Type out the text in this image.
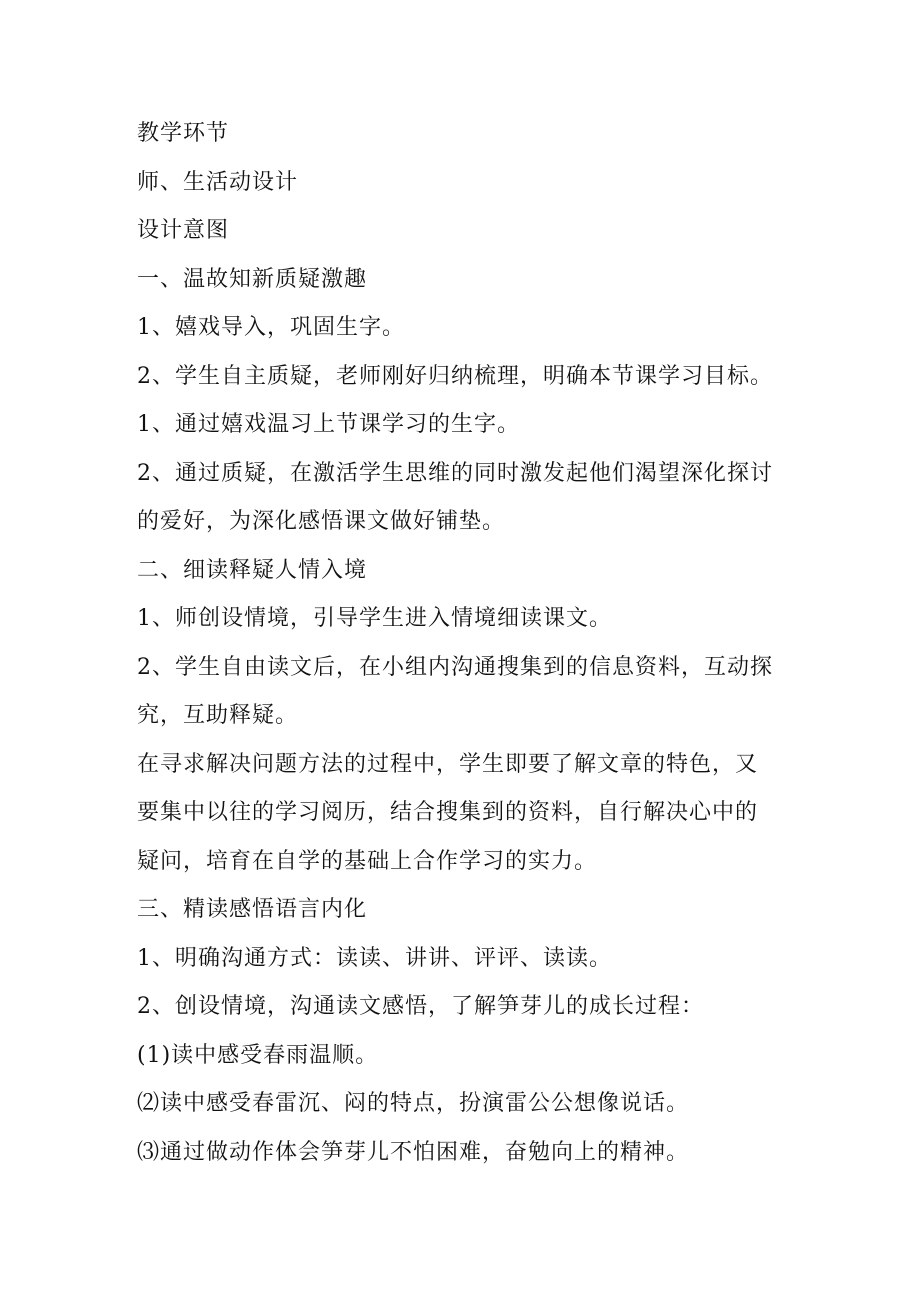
教学环节
师、生活动设计
设计意图
一、温故知新质疑激趣
1、嬉戏导入，巩固生字。
2、学生自主质疑，老师刚好归纳梳理，明确本节课学习目标。
1、通过嬉戏温习上节课学习的生字。
2、通过质疑，在激活学生思维的同时激发起他们渴望深化探讨
的爱好，为深化感悟课文做好铺垫。
二、细读释疑人情入境
1、师创设情境，引导学生进入情境细读课文。
2、学生自由读文后，在小组内沟通搜集到的信息资料，互动探
究，互助释疑。
在寻求解决问题方法的过程中，学生即要了解文章的特色，又
要集中以往的学习阅历，结合搜集到的资料，自行解决心中的
疑问，培育在自学的基础上合作学习的实力。
三、精读感悟语言内化
1、明确沟通方式：读读、讲讲、评评、读读。
2、创设情境，沟通读文感悟，了解笋芽儿的成长过程：
(1)读中感受春雨温顺。
⑵读中感受春雷沉、闷的特点，扮演雷公公想像说话。
⑶通过做动作体会笋芽儿不怕困难，奋勉向上的精神。
